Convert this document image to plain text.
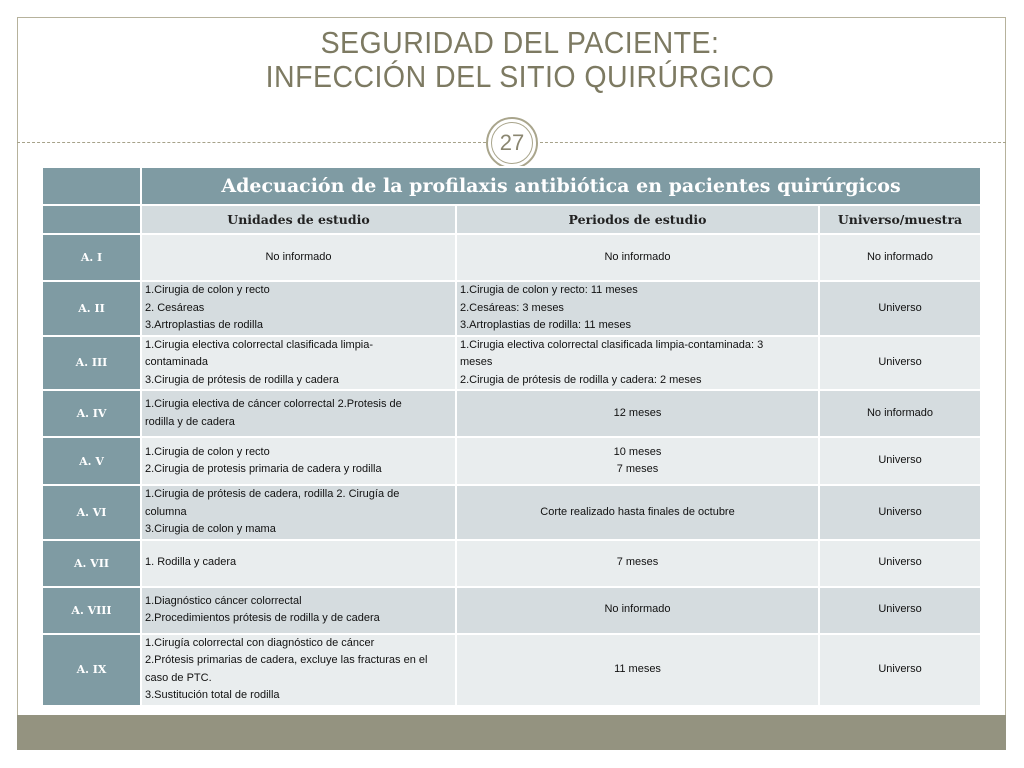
SEGURIDAD DEL PACIENTE:
INFECCIÓN DEL SITIO QUIRÚRGICO
27
	Adecuación de la profilaxis antibiótica en pacientes quirúrgicos		
	Unidades de estudio	Periodos de estudio	Universo/muestra
A. I	No informado	No informado	No informado
A. II	1.Cirugia de colon y recto
2. Cesáreas
3.Artroplastias de rodilla	1.Cirugia de colon y recto: 11 meses
2.Cesáreas: 3 meses
3.Artroplastias de rodilla: 11 meses	Universo
A. III	1.Cirugia electiva colorrectal clasificada limpia-
contaminada
3.Cirugia de prótesis de rodilla y cadera	1.Cirugia electiva colorrectal clasificada limpia-contaminada: 3
meses
2.Cirugia de prótesis de rodilla y cadera: 2 meses	Universo
A. IV	1.Cirugia electiva de cáncer colorrectal 2.Protesis de
rodilla y de cadera	12 meses	No informado
A. V	1.Cirugia de colon y recto
2.Cirugia de protesis primaria de cadera y rodilla	10 meses
7 meses	Universo
A. VI	1.Cirugia de prótesis de cadera, rodilla 2. Cirugía de
columna
3.Cirugia de colon y mama	Corte realizado hasta finales de octubre	Universo
A. VII	1. Rodilla y cadera	7 meses	Universo
A. VIII	1.Diagnóstico cáncer colorrectal
2.Procedimientos prótesis de rodilla y de cadera	No informado	Universo
A. IX	1.Cirugía colorrectal con diagnóstico de cáncer
2.Prótesis primarias de cadera, excluye las fracturas en el
caso de PTC.
3.Sustitución total de rodilla	11 meses	Universo
